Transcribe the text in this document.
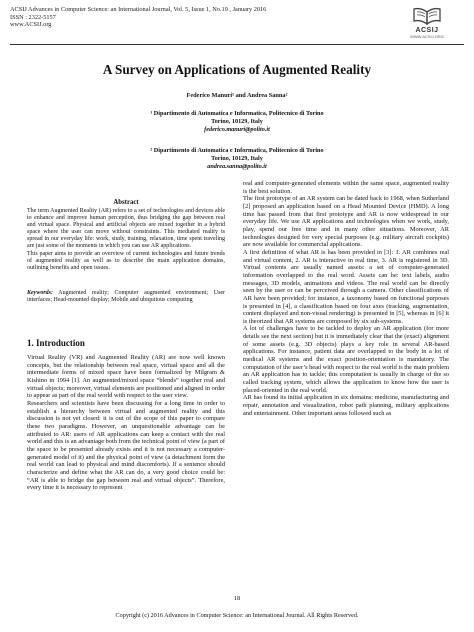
ACSIJ Advances in Computer Science: an International Journal, Vol. 5, Issue 1, No.19 , January 2016
ISSN : 2322-5157
www.ACSIJ.org
ACSIJ
WWW.ACSIJ.ORG
A Survey on Applications of Augmented Reality
Federico Manuri¹ and Andrea Sanna²
¹ Dipartimento di Automatica e Informatica, Politecnico di Torino
Torino, 10129, Italy
federico.manuri@polito.it
² Dipartimento di Automatica e Informatica, Politecnico di Torino
Torino, 10129, Italy
andrea.sanna@polito.it
Abstract

The term Augmented Reality (AR) refers to a set of technologies and devices able to enhance and improve human perception, thus bridging the gap between real and virtual space. Physical and artificial objects are mixed together in a hybrid space where the user can move without constraints. This mediated reality is spread in our everyday life: work, study, training, relaxation, time spent traveling are just some of the moments in which you can use AR applications.

This paper aims to provide an overview of current technologies and future trends of augmented reality as well as to describe the main application domains, outlining benefits and open issues.

Keywords: Augmented reality; Computer augmented environment; User interfaces; Head-mounted display; Mobile and ubiquitous computing
1. Introduction

Virtual Reality (VR) and Augmented Reality (AR) are now well known concepts, but the relationship between real space, virtual space and all the intermediate forms of mixed space have been formalized by Milgram & Kishino in 1994 [1]. An augmented/mixed space “blends” together real and virtual objects; moreover, virtual elements are positioned and aligned in order to appear as part of the real world with respect to the user view.

Researchers and scientists have been discussing for a long time in order to establish a hierarchy between virtual and augmented reality and this discussion is not yet closed: it is out of the scope of this paper to compare these two paradigms. However, an unquestionable advantage can be attributed to AR: users of AR applications can keep a contact with the real world and this is an advantage both from the technical point of view (a part of the space to be presented already exists and it is not necessary a computer-generated model of it) and the physical point of view (a detachment form the real world can lead to physical and mind discomforts). If a sentence should characterize and define what the AR can do, a very good choice could be: “AR is able to bridge the gap between real and virtual objects”. Therefore, every time it is necessary to represent

real and computer-generated elements within the same space, augmented reality is the best solution.

The first prototype of an AR system can be dated back to 1968, when Sutherland [2] proposed an application based on a Head Mounted Device (HMD). A long time has passed from that first prototype and AR is now widespread in our everyday life. We use AR applications and technologies when we work, study, play, spend our free time and in many other situations. Moreover, AR technologies designed for very special purposes (e.g. military aircraft cockpits) are now available for commercial applications.

A first definition of what AR is has been provided in [3]: 1. AR combines real and virtual content, 2. AR is interactive in real time, 3. AR is registered in 3D. Virtual contents are usually named assets: a set of computer-generated information overlapped to the real word. Assets can be: text labels, audio messages, 3D models, animations and videos. The real world can be directly seen by the user or can be perceived through a camera. Other classifications of AR have been provided; for instance, a taxonomy based on functional purposes is presented in [4], a classification based on four axes (tracking, augmentation, content displayed and non-visual rendering) is presented in [5], whereas in [6] it is theorized that AR systems are composed by six sub-systems.

A lot of challenges have to be tackled to deploy an AR application (for more details see the next section) but it is immediately clear that the (exact) alignment of some assets (e.g. 3D objects) plays a key role in several AR-based applications. For instance, patient data are overlapped to the body in a lot of medical AR systems and the exact position-orientation is mandatory. The computation of the user’s head with respect to the real world is the main problem an AR application has to tackle; this computation is usually in charge of the so called tracking system, which allows the application to know how the user is placed-oriented in the real world.

AR has found its initial application in six domains: medicine, manufacturing and repair, annotation and visualization, robot path planning, military applications and entertainment. Other important areas followed such as

18
Copyright (c) 2016 Advances in Computer Science: an International Journal. All Rights Reserved.
